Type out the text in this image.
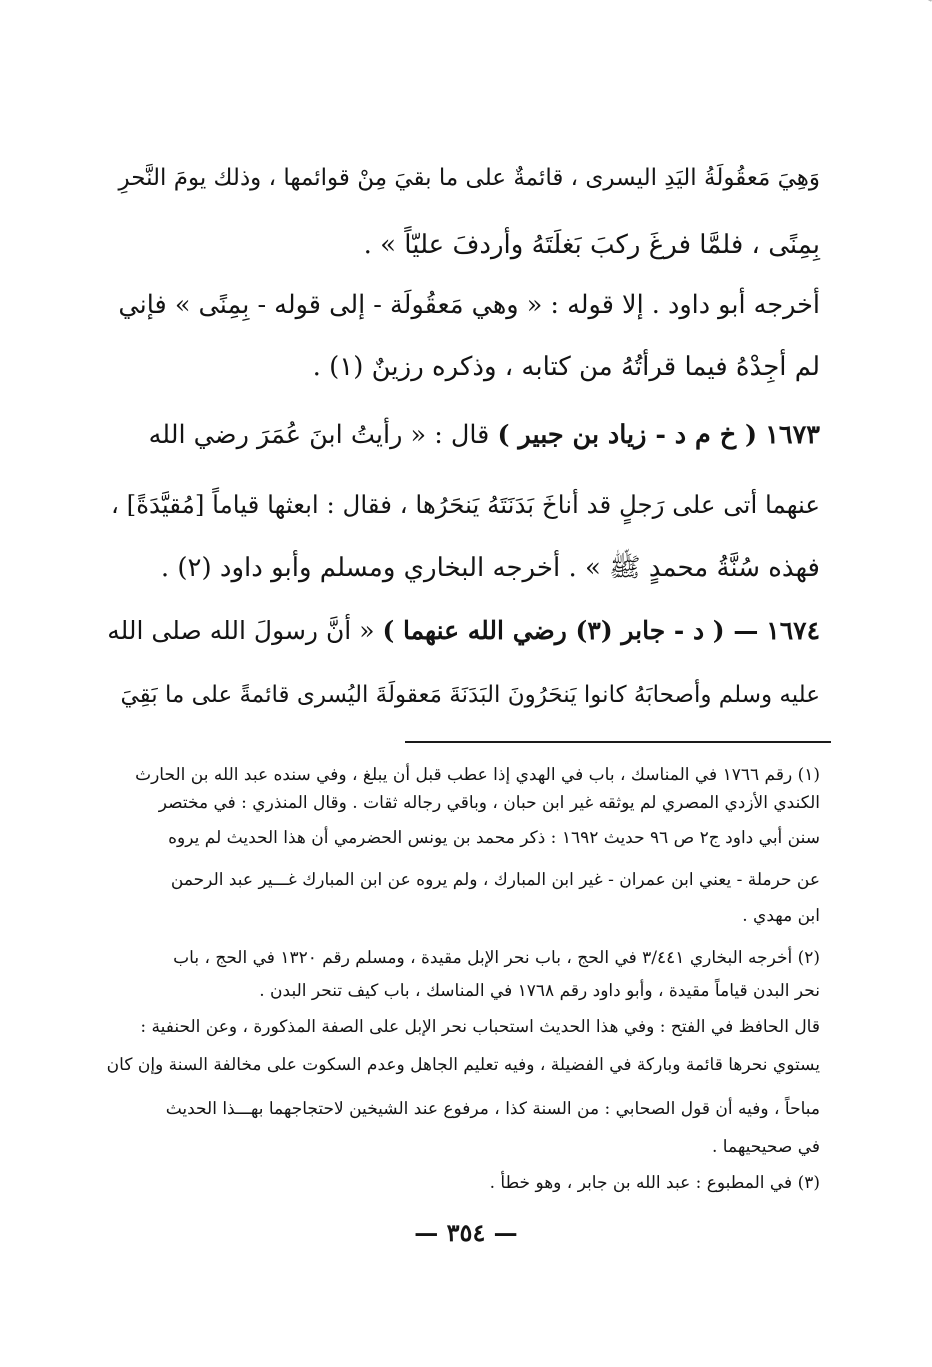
وَهِيَ مَعقُولَةُ اليَدِ اليسرى ، قائمةٌ على ما بقيَ مِنْ قوائمها ، وذلك يومَ النَّحرِ
بِمِنًى ، فلمَّا فرغَ ركبَ بَغلَتَهُ وأردفَ عليّاً » .
أخرجه أبو داود . إلا قوله : « وهي مَعقُولَة - إلى قوله - بِمِنًى » فإني
لم أجِدْهُ فيما قرأتُهُ من كتابه ، وذكره رزينٌ (١) .
١٦٧٣ ( خ م د - زياد بن جبير ) قال : « رأيتُ ابنَ عُمَرَ رضي الله
عنهما أتى على رَجلٍ قد أناخَ بَدَنَتَهُ يَنحَرُها ، فقال : ابعثها قياماً [مُقيَّدَةً] ،
فهذه سُنَّةُ محمدٍ ﷺ » . أخرجه البخاري ومسلم وأبو داود (٢) .
١٦٧٤ — ( د - جابر (٣) رضي الله عنهما ) « أنَّ رسولَ الله صلى الله
عليه وسلم وأصحابَهُ كانوا يَنحَرُونَ البَدَنَةَ مَعقولَةَ اليُسرى قائمةً على ما بَقِيَ
(١) رقم ١٧٦٦ في المناسك ، باب في الهدي إذا عطب قبل أن يبلغ ، وفي سنده عبد الله بن الحارث
الكندي الأزدي المصري لم يوثقه غير ابن حبان ، وباقي رجاله ثقات . وقال المنذري : في مختصر
سنن أبي داود ج٢ ص ٩٦ حديث ١٦٩٢ : ذكر محمد بن يونس الحضرمي أن هذا الحديث لم يروه
عن حرملة - يعني ابن عمران - غير ابن المبارك ، ولم يروه عن ابن المبارك غـــير عبد الرحمن
ابن مهدي .
(٢) أخرجه البخاري ٣/٤٤١ في الحج ، باب نحر الإبل مقيدة ، ومسلم رقم ١٣٢٠ في الحج ، باب
نحر البدن قياماً مقيدة ، وأبو داود رقم ١٧٦٨ في المناسك ، باب كيف تنحر البدن .
قال الحافظ في الفتح : وفي هذا الحديث استحباب نحر الإبل على الصفة المذكورة ، وعن الحنفية :
يستوي نحرها قائمة وباركة في الفضيلة ، وفيه تعليم الجاهل وعدم السكوت على مخالفة السنة وإن كان
مباحاً ، وفيه أن قول الصحابي : من السنة كذا ، مرفوع عند الشيخين لاحتجاجهما بهـــذا الحديث
في صحيحيهما .
(٣) في المطبوع : عبد الله بن جابر ، وهو خطأ .
— ٣٥٤ —
